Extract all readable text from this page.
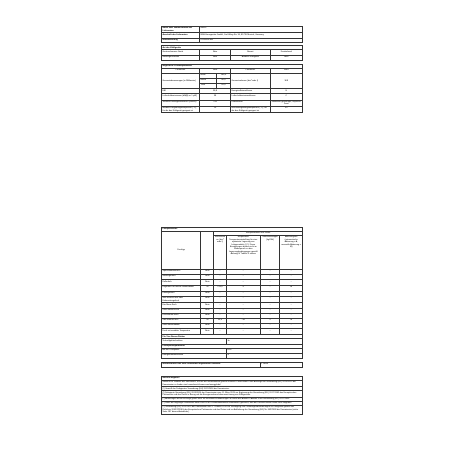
Name oder Handelsmarke des Lieferanten	Bosch			
Anschrift des Lieferanten	BSH Hausgeräte GmbH, Carl-Wery-Str. 34, 81739 Munich, Germany			
Modellkennung	KGV36VLEA			

Art des Kühlgeräts				
Geräuscharmes Gerät	Nein		Bauart	Freistehend
Weinlagerschrank	Nein		Anderes Kühlgerät	Nein

Allgemeine Produktparameter				
Parameter	Wert		Parameter	Wert
Gesamtabmessungen (in Millimeter)	Höhe	186,0	Gesamtvolumen (dm³ oder l)	308
	Breite	60,0		
	Tiefe	65,0		
EEI	98,8		Energieeffizienzklasse	E
Luftschallemissionen (dB(A) re 1 pW)	38		Luftschallemissionsklasse	C
Jährlicher Energieverbrauch (kWh/a)	233		Klimaklasse	erweiterte gemäßigte, tropische Zone
Mindest-Umgebungstemperatur (°C), für die das Kühlgerät geeignet ist	10		Höchstumgebungstemperatur (°C), für die das Kühlgerät geeignet ist	43
Fachparameter					
Fachtyp		Fachparameter und -werte			
		Fachvolumen (dm³ oder l)	Empfohlene Temperatureinstellung für eine optimierte Lagerung von Lebensmitteln (°C). Diese Einstellungen dürfen nicht im Widerspruch zu den Lagerungsbedingungen gemäß Anhang IV Tabelle 3 stehen	Gefriervermögen (kg/24h)	Abtauungsart (automatische Abtauung = A, manuelle Abtauung = M)
Speisekammerfach	Nein	–	–	–	–
Weinlagerfach	Nein	–	–	–	–
Kellerfach	Nein	–	–	–	–
Lagerfach für frische Lebensmittel	Ja	214,0	4	–	A
Kaltlagerfach	Nein	–	–	–	–
Null-Sterne-Fach oder Eisbereitungsfach	Nein	–	–	–	–
Ein-Stern-Fach	Nein	–	–	–	–
Zwei-Sterne-Fach	Nein	–	–	–	–
Drei-Sterne-Fach	Nein	–	–	–	–
Vier-Sterne-Fach	Ja	94,0	-18	4	M
Zwei-Sterne-Abteil	Nein	–	–	–	–
Fach mit variabler Temperatur	Nein	–	–	–	–
Für Vier-Sterne-Fächer					
Schnellgefrierfunktion			Ja		
Lichtquellenparameter					
Art der Lichtquelle			LED		
Energieeffizienzklasse			G		

Mindestlaufzeit der vom Lieferanten angebotenen Garantie				2 Jahre	
Weitere Angaben
Weblink zur Website des Herstellers, auf der die Informationen gemäß Nummer 4 Buchstabe a des Anhangs der Verordnung (EU) 2019/2019 der Kommission zu finden sind: www.bosch-home.com/energylabel
(¹) Gemäß der Delegierten Verordnung (EU) 2019/2016 der Kommission.
(²) Delegierte Verordnung (EU) 2019/2016 der Kommission vom 11. März 2019 zur Ergänzung der Verordnung (EU) 2017/1369 des Europäischen Parlaments und des Rates in Bezug auf die Energieverbrauchskennzeichnung von Kühlgeräten.
(³) Änderungen dieser Eintrage gelten nicht als wesentliche Änderungen im Sinne des Artikels 4 Absatz 4 der Verordnung (EU) 2017/1369.
(⁴) wenn die angefügte Datenbank diese Zelle in der Produktdatenbank automatisch generiert, darf der Lieferant diese Daten nicht eingeben.
(⁵) Verordnung (EU) 2019/2019 der Kommission vom 1. Oktober 2019 zur Festlegung von Ökodesign-Anforderungen an Kühlgeräte gemäß der Richtlinie 2009/125/EG des Europäischen Parlaments und des Rates und zur Aufhebung der Verordnung (EG) Nr. 643/2009 der Kommission (siehe Seite 187 dieses Amtsblatts).
